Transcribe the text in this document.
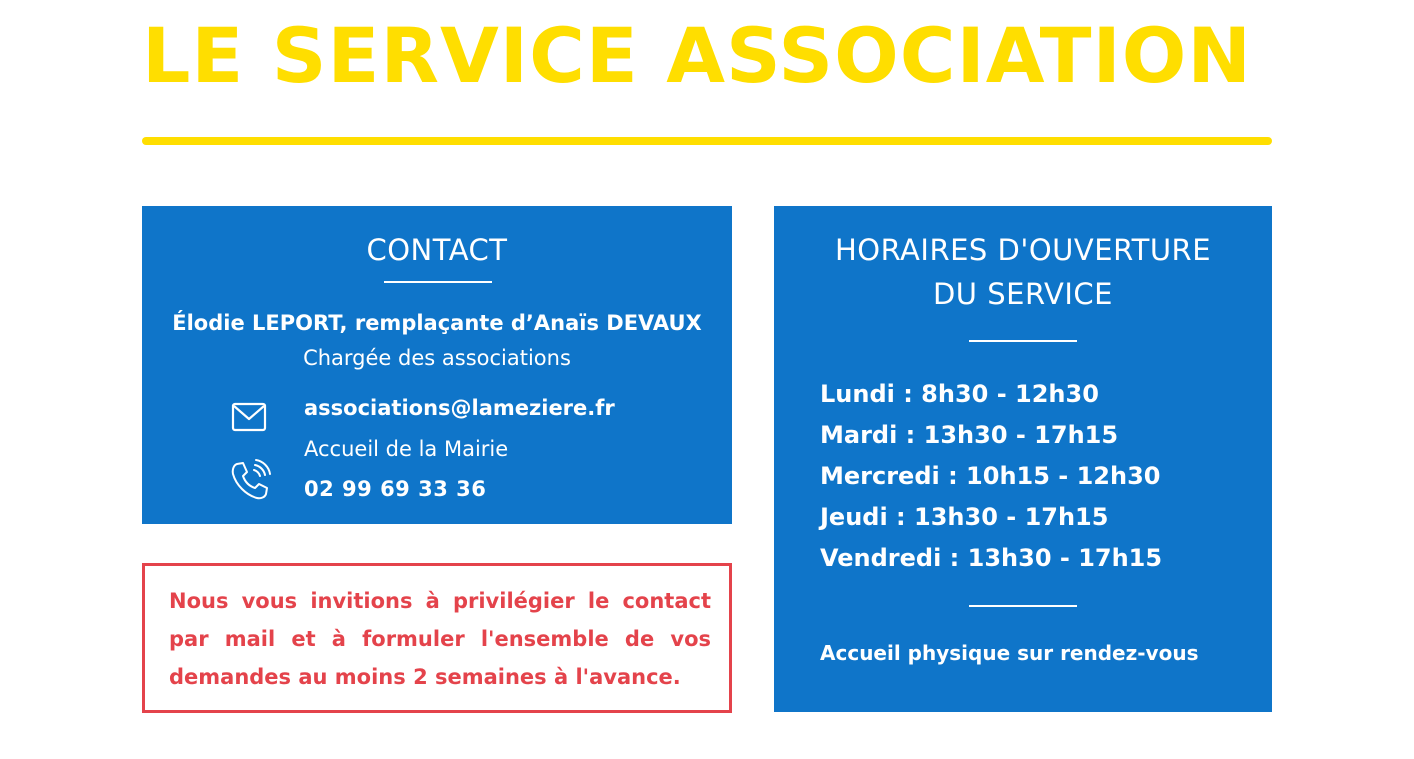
LE SERVICE ASSOCIATION
CONTACT
Élodie LEPORT, remplaçante d’Anaïs DEVAUX
Chargée des associations
associations@lameziere.fr
Accueil de la Mairie
02 99 69 33 36
Nous vous invitions à privilégier le contact par mail et à formuler l'ensemble de vos demandes au moins 2 semaines à l'avance.
HORAIRES D'OUVERTURE
DU SERVICE
Lundi : 8h30 - 12h30
Mardi : 13h30 - 17h15
Mercredi : 10h15 - 12h30
Jeudi : 13h30 - 17h15
Vendredi : 13h30 - 17h15
Accueil physique sur rendez-vous
